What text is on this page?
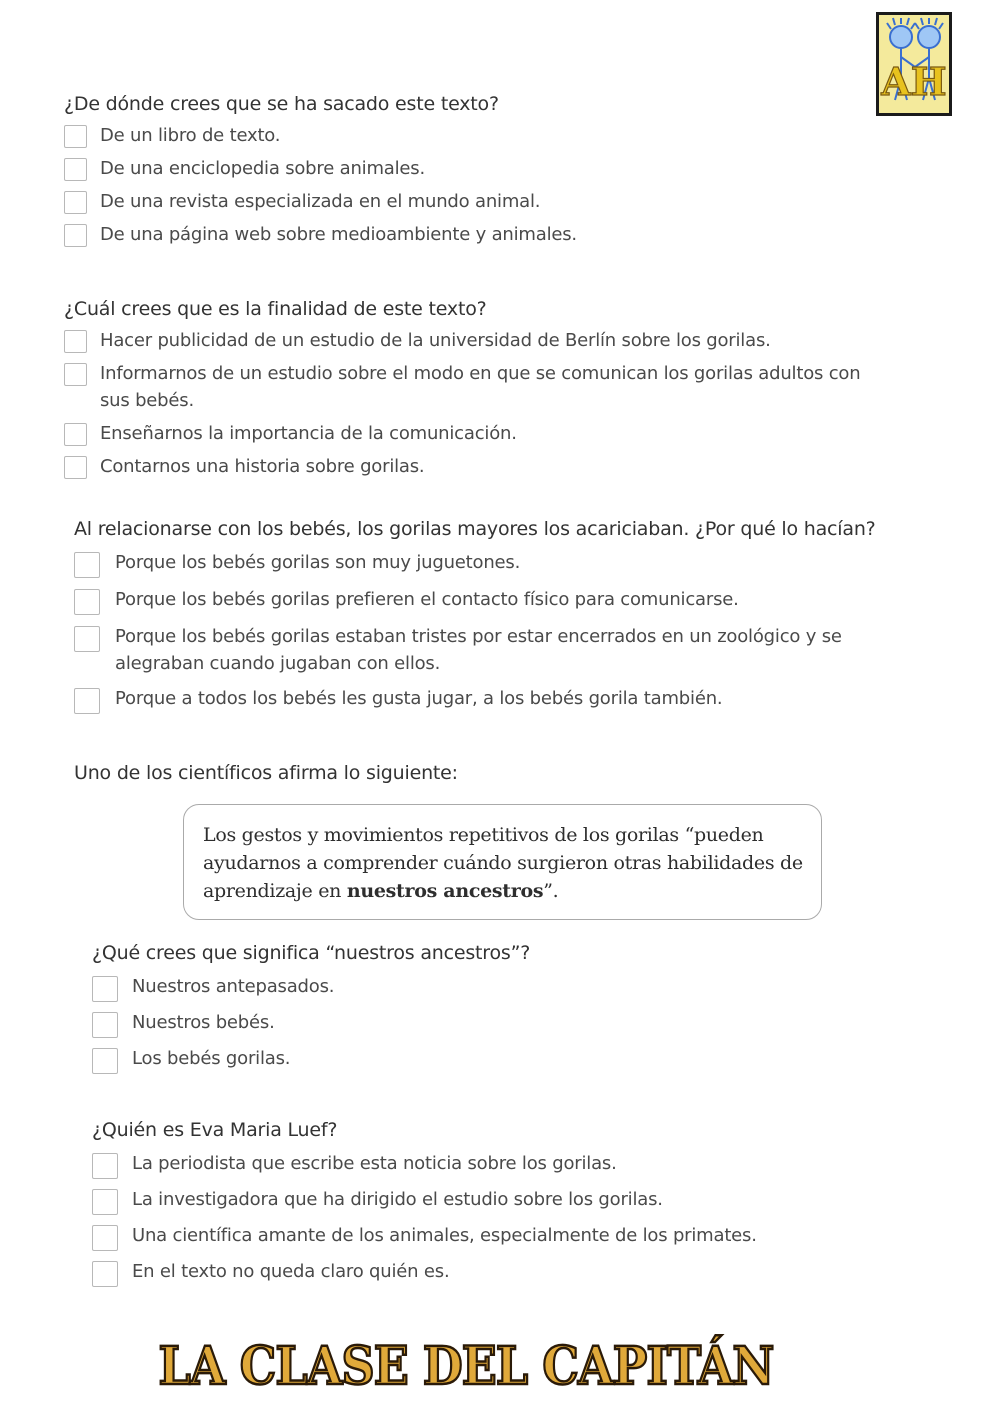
AH

¿De dónde crees que se ha sacado este texto?

De un libro de texto.
De una enciclopedia sobre animales.
De una revista especializada en el mundo animal.
De una página web sobre medioambiente y animales.

¿Cuál crees que es la finalidad de este texto?

Hacer publicidad de un estudio de la universidad de Berlín sobre los gorilas.
Informarnos de un estudio sobre el modo en que se comunican los gorilas adultos con sus bebés.
Enseñarnos la importancia de la comunicación.
Contarnos una historia sobre gorilas.

Al relacionarse con los bebés, los gorilas mayores los acariciaban. ¿Por qué lo hacían?

Porque los bebés gorilas son muy juguetones.
Porque los bebés gorilas prefieren el contacto físico para comunicarse.
Porque los bebés gorilas estaban tristes por estar encerrados en un zoológico y se alegraban cuando jugaban con ellos.
Porque a todos los bebés les gusta jugar, a los bebés gorila también.

Uno de los científicos afirma lo siguiente:

Los gestos y movimientos repetitivos de los gorilas “pueden ayudarnos a comprender cuándo surgieron otras habilidades de aprendizaje en nuestros ancestros”.

¿Qué crees que significa “nuestros ancestros”?

Nuestros antepasados.
Nuestros bebés.
Los bebés gorilas.

¿Quién es Eva Maria Luef?

La periodista que escribe esta noticia sobre los gorilas.
La investigadora que ha dirigido el estudio sobre los gorilas.
Una científica amante de los animales, especialmente de los primates.
En el texto no queda claro quién es.
LA CLASE DEL CAPITÁN
